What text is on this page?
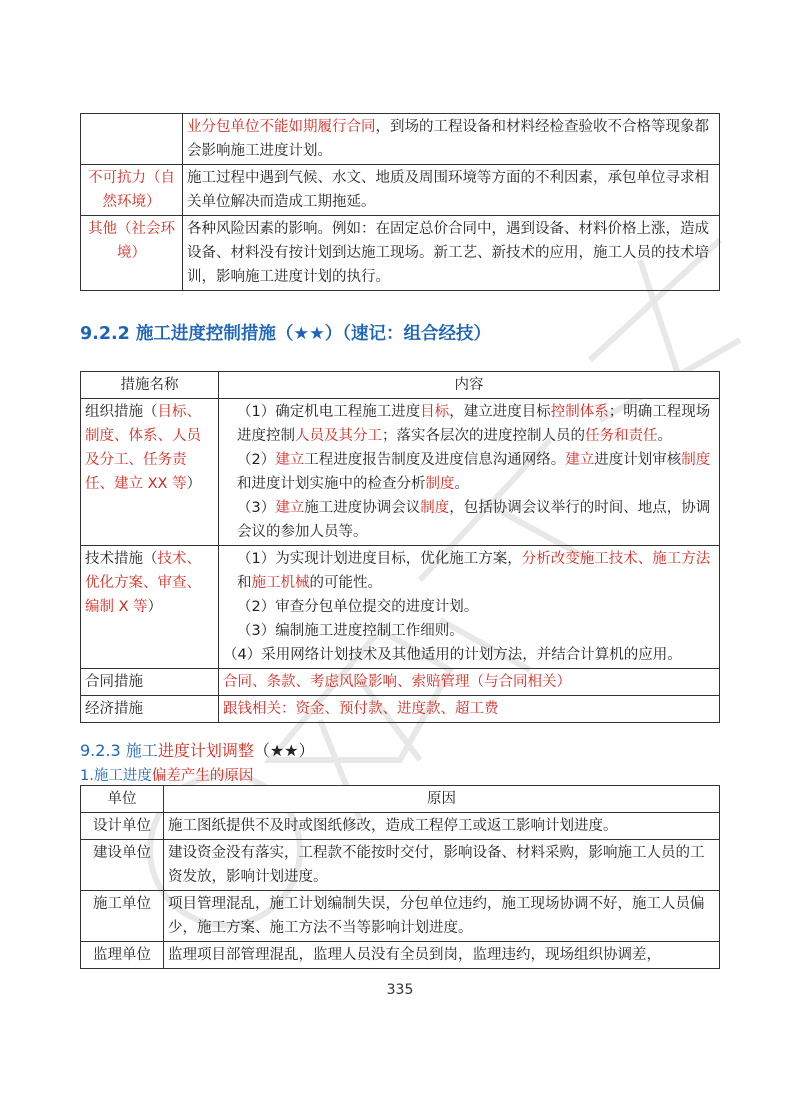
	业分包单位不能如期履行合同，到场的工程设备和材料经检查验收不合格等现象都会影响施工进度计划。
不可抗力（自然环境）	施工过程中遇到气候、水文、地质及周围环境等方面的不利因素，承包单位寻求相关单位解决而造成工期拖延。
其他（社会环境）	各种风险因素的影响。例如：在固定总价合同中，遇到设备、材料价格上涨，造成设备、材料没有按计划到达施工现场。新工艺、新技术的应用，施工人员的技术培训，影响施工进度计划的执行。
9.2.2 施工进度控制措施（★★）（速记：组合经技）
措施名称	内容
组织措施（目标、制度、体系、人员及分工、任务责任、建立 XX 等）	（1）确定机电工程施工进度目标，建立进度目标控制体系；明确工程现场进度控制人员及其分工；落实各层次的进度控制人员的任务和责任。
（2）建立工程进度报告制度及进度信息沟通网络。建立进度计划审核制度和进度计划实施中的检查分析制度。
（3）建立施工进度协调会议制度，包括协调会议举行的时间、地点，协调会议的参加人员等。

技术措施（技术、优化方案、审查、编制 X 等）	（1）为实现计划进度目标，优化施工方案，分析改变施工技术、施工方法和施工机械的可能性。
（2）审查分包单位提交的进度计划。
（3）编制施工进度控制工作细则。
（4）采用网络计划技术及其他适用的计划方法，并结合计算机的应用。

合同措施	合同、条款、考虑风险影响、索赔管理（与合同相关）
经济措施	跟钱相关：资金、预付款、进度款、超工费
9.2.3 施工进度计划调整（★★）
1.施工进度偏差产生的原因
单位	原因
设计单位	施工图纸提供不及时或图纸修改，造成工程停工或返工影响计划进度。
建设单位	建设资金没有落实，工程款不能按时交付，影响设备、材料采购，影响施工人员的工资发放，影响计划进度。
施工单位	项目管理混乱，施工计划编制失误，分包单位违约，施工现场协调不好，施工人员偏少，施工方案、施工方法不当等影响计划进度。
监理单位	监理项目部管理混乱，监理人员没有全员到岗，监理违约，现场组织协调差，
335
